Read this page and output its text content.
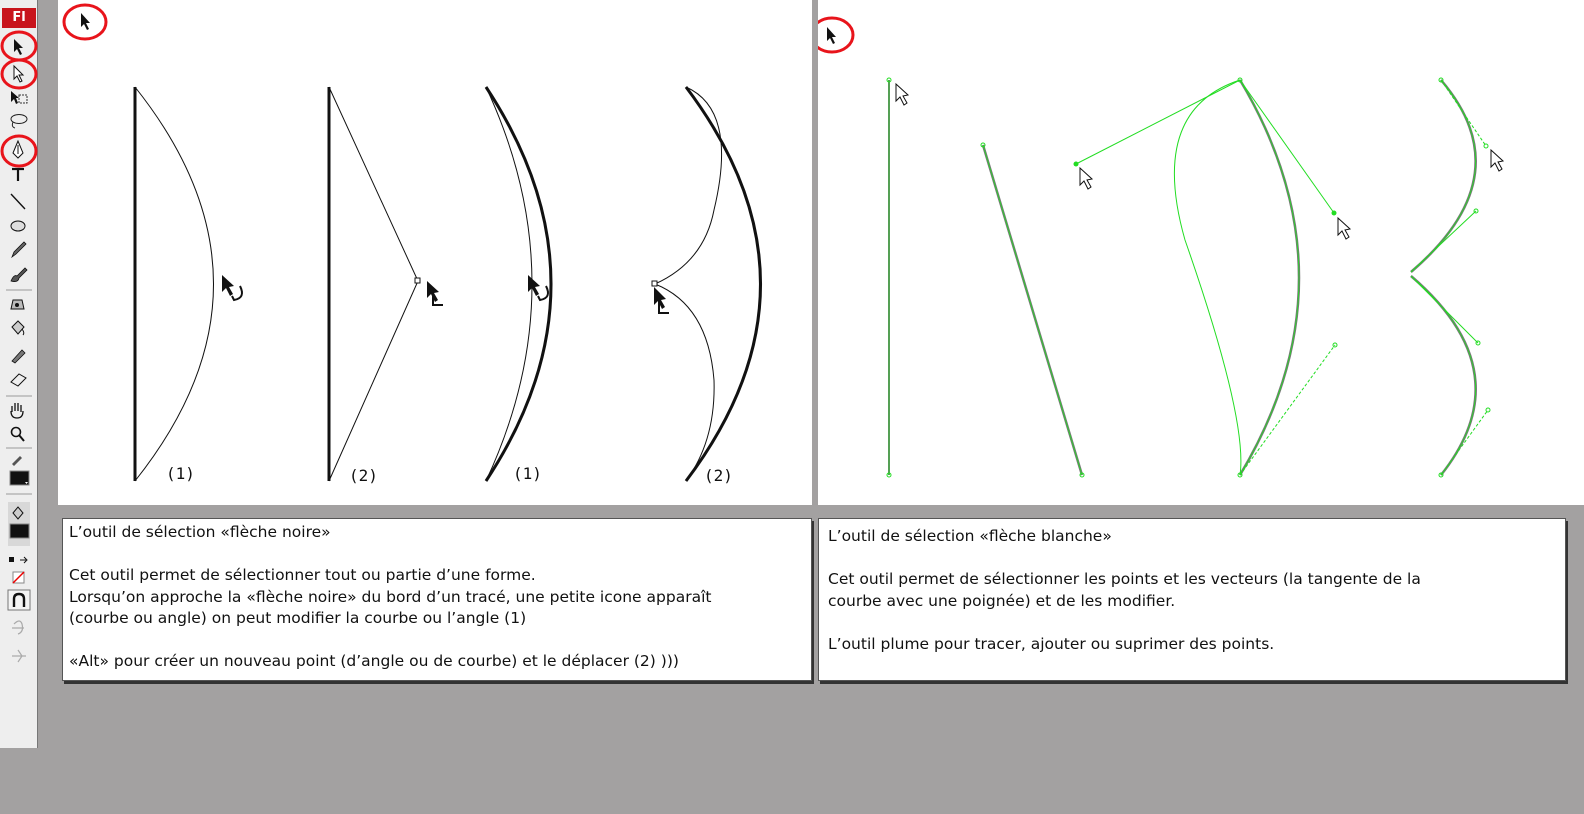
Fl
(1)	(2)	(1)	(2)

L’outil de sélection «flèche noire»

Cet outil permet de sélectionner tout ou partie d’une forme.

Lorsqu’on approche la «flèche noire» du bord d’un tracé, une petite icone apparaît

(courbe ou angle) on peut modifier la courbe ou l’angle (1)

«Alt» pour créer un nouveau point (d’angle ou de courbe) et le déplacer (2) )))

L’outil de sélection «flèche blanche»

Cet outil permet de sélectionner les points et les vecteurs (la tangente de la

courbe avec une poignée) et de les modifier.

L’outil plume pour tracer, ajouter ou suprimer des points.
